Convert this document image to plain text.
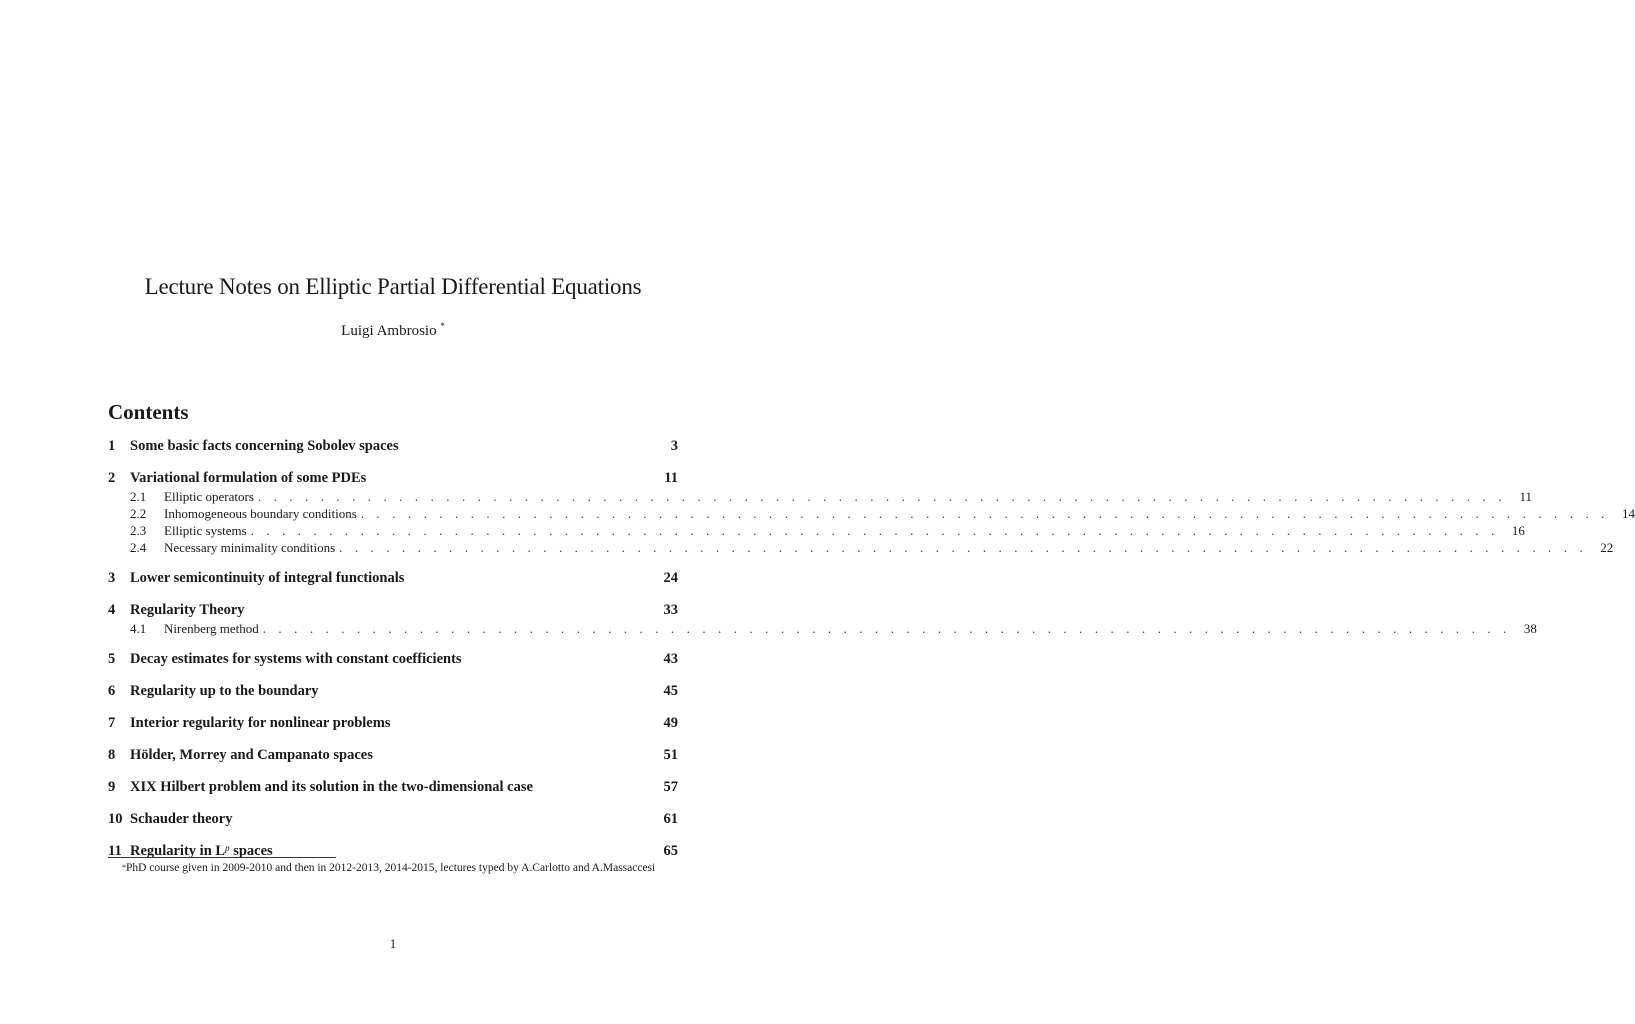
Lecture Notes on Elliptic Partial Differential Equations
Luigi Ambrosio *
Contents
1	Some basic facts concerning Sobolev spaces	3
2	Variational formulation of some PDEs	11
2.1	Elliptic operators . . . . . . . . . . . . . . . . . . . . . . . . . . . . . . . . . . . . . . . . . . . . . . . . . . . . . . . . . . . . . . . . . . . . . . . . . . . . . . . .	11
2.2	Inhomogeneous boundary conditions . . . . . . . . . . . . . . . . . . . . . . . . . . . . . . . . . . . . . . . . . . . . . . . . . . . . . . . . . . . . . . . . . . . . . . . . . . . . . . . .	14
2.3	Elliptic systems . . . . . . . . . . . . . . . . . . . . . . . . . . . . . . . . . . . . . . . . . . . . . . . . . . . . . . . . . . . . . . . . . . . . . . . . . . . . . . . .	16
2.4	Necessary minimality conditions . . . . . . . . . . . . . . . . . . . . . . . . . . . . . . . . . . . . . . . . . . . . . . . . . . . . . . . . . . . . . . . . . . . . . . . . . . . . . . . .	22
3	Lower semicontinuity of integral functionals	24
4	Regularity Theory	33
4.1	Nirenberg method . . . . . . . . . . . . . . . . . . . . . . . . . . . . . . . . . . . . . . . . . . . . . . . . . . . . . . . . . . . . . . . . . . . . . . . . . . . . . . . .	38
5	Decay estimates for systems with constant coefficients	43
6	Regularity up to the boundary	45
7	Interior regularity for nonlinear problems	49
8	Hölder, Morrey and Campanato spaces	51
9	XIX Hilbert problem and its solution in the two-dimensional case	57
10 Schauder theory	61
11 Regularity in $L^p$ spaces	65
*PhD course given in 2009-2010 and then in 2012-2013, 2014-2015, lectures typed by A.Carlotto and A.Massaccesi
1
